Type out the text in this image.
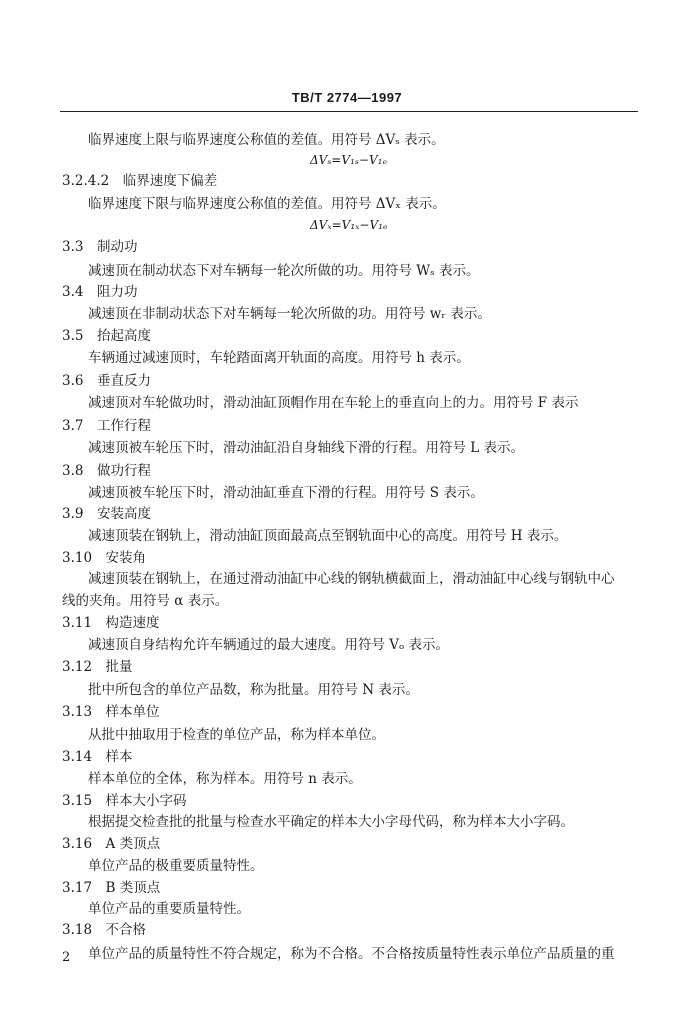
TB/T 2774—1997
临界速度上限与临界速度公称值的差值。用符号 ΔVₛ 表示。
ΔVₛ=V₁ₛ−V₁ₑ
3.2.4.2　临界速度下偏差
临界速度下限与临界速度公称值的差值。用符号 ΔVₓ 表示。
ΔVₓ=V₁ₓ−V₁ₑ
3.3　制动功
减速顶在制动状态下对车辆每一轮次所做的功。用符号 Wₛ 表示。
3.4　阻力功
减速顶在非制动状态下对车辆每一轮次所做的功。用符号 wᵣ 表示。
3.5　抬起高度
车辆通过减速顶时，车轮踏面离开轨面的高度。用符号 h 表示。
3.6　垂直反力
减速顶对车轮做功时，滑动油缸顶帽作用在车轮上的垂直向上的力。用符号 F 表示
3.7　工作行程
减速顶被车轮压下时，滑动油缸沿自身轴线下滑的行程。用符号 L 表示。
3.8　做功行程
减速顶被车轮压下时，滑动油缸垂直下滑的行程。用符号 S 表示。
3.9　安装高度
减速顶装在钢轨上，滑动油缸顶面最高点至钢轨面中心的高度。用符号 H 表示。
3.10　安装角
减速顶装在钢轨上，在通过滑动油缸中心线的钢轨横截面上，滑动油缸中心线与钢轨中心
线的夹角。用符号 α 表示。
3.11　构造速度
减速顶自身结构允许车辆通过的最大速度。用符号 Vₒ 表示。
3.12　批量
批中所包含的单位产品数，称为批量。用符号 N 表示。
3.13　样本单位
从批中抽取用于检查的单位产品，称为样本单位。
3.14　样本
样本单位的全体，称为样本。用符号 n 表示。
3.15　样本大小字码
根据提交检查批的批量与检查水平确定的样本大小字母代码，称为样本大小字码。
3.16　A 类顶点
单位产品的极重要质量特性。
3.17　B 类顶点
单位产品的重要质量特性。
3.18　不合格
单位产品的质量特性不符合规定，称为不合格。不合格按质量特性表示单位产品质量的重
2
